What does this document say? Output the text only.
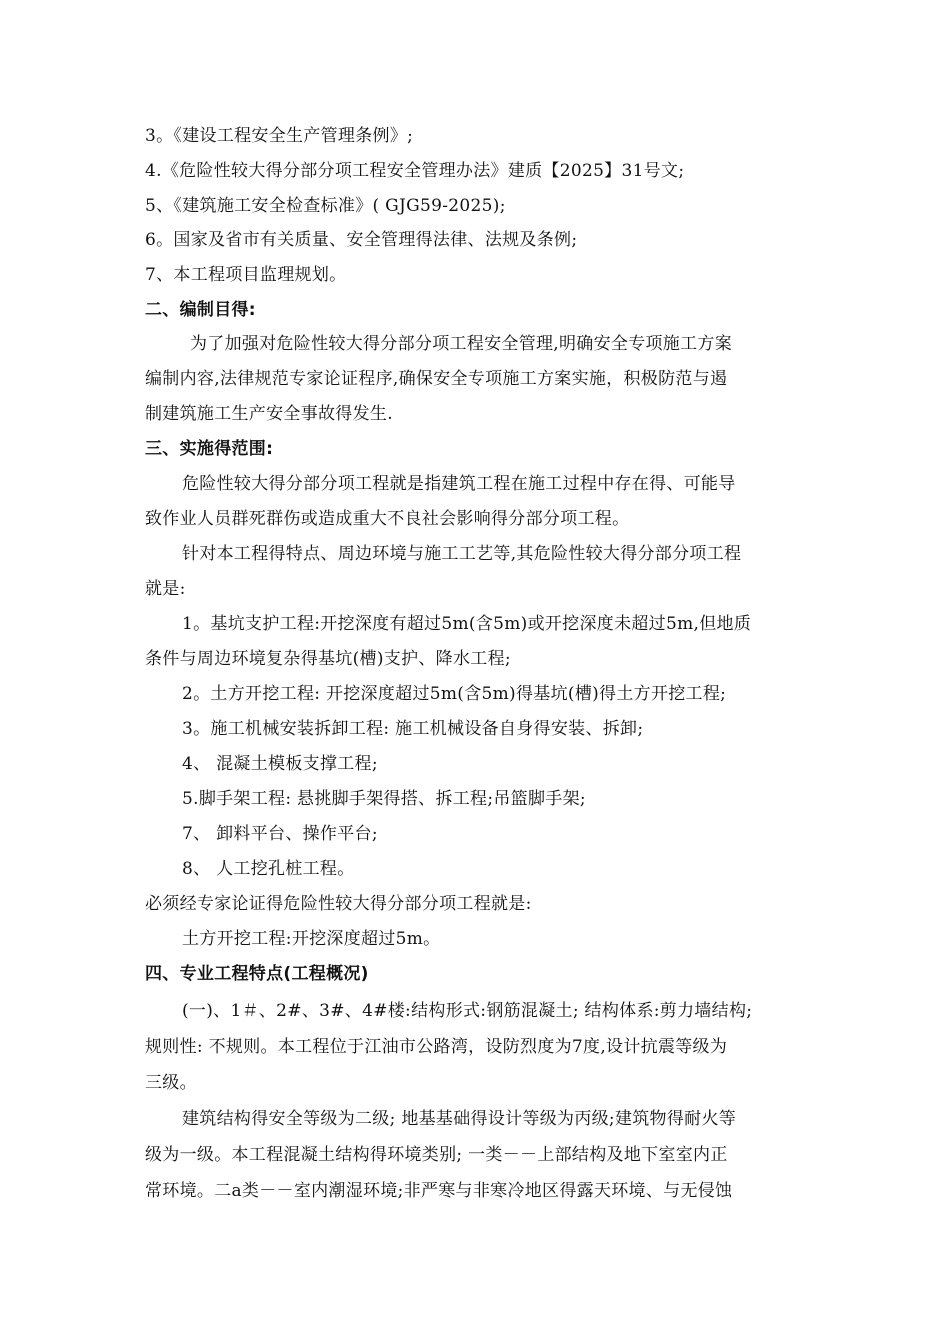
3。《建设工程安全生产管理条例》;
4.《危险性较大得分部分项工程安全管理办法》建质【2025】31号文;
5、《建筑施工安全检查标准》( GJG59-2025);
6。国家及省市有关质量、安全管理得法律、法规及条例;
7、本工程项目监理规划。
二、编制目得:
为了加强对危险性较大得分部分项工程安全管理,明确安全专项施工方案
编制内容,法律规范专家论证程序,确保安全专项施工方案实施，积极防范与遏
制建筑施工生产安全事故得发生.
三、实施得范围:
危险性较大得分部分项工程就是指建筑工程在施工过程中存在得、可能导
致作业人员群死群伤或造成重大不良社会影响得分部分项工程。
针对本工程得特点、周边环境与施工工艺等,其危险性较大得分部分项工程
就是:
1。基坑支护工程:开挖深度有超过5m(含5m)或开挖深度未超过5m,但地质
条件与周边环境复杂得基坑(槽)支护、降水工程;
2。土方开挖工程: 开挖深度超过5m(含5m)得基坑(槽)得土方开挖工程;
3。施工机械安装拆卸工程: 施工机械设备自身得安装、拆卸;
4、 混凝土模板支撑工程;
5.脚手架工程: 悬挑脚手架得搭、拆工程;吊篮脚手架;
7、 卸料平台、操作平台;
8、 人工挖孔桩工程。
必须经专家论证得危险性较大得分部分项工程就是:
土方开挖工程:开挖深度超过5m。
四、专业工程特点(工程概况)
(一)、1＃、2#、3#、4#楼:结构形式:钢筋混凝土; 结构体系:剪力墙结构;
规则性: 不规则。本工程位于江油市公路湾，设防烈度为7度,设计抗震等级为
三级。
建筑结构得安全等级为二级; 地基基础得设计等级为丙级;建筑物得耐火等
级为一级。本工程混凝土结构得环境类别; 一类－－上部结构及地下室室内正
常环境。二a类－－室内潮湿环境;非严寒与非寒冷地区得露天环境、与无侵蚀
